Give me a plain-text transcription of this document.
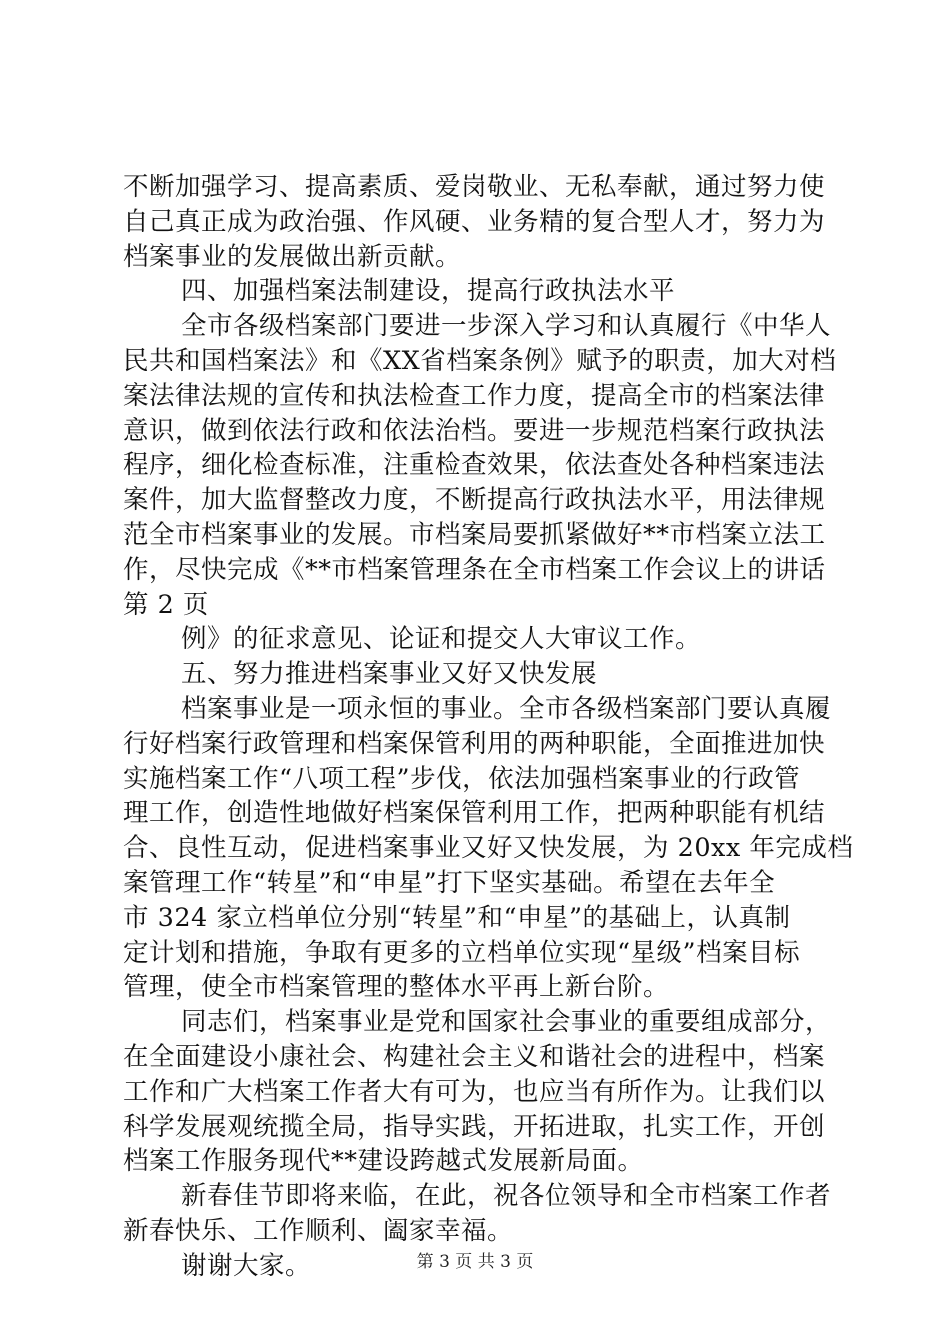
不断加强学习、提高素质、爱岗敬业、无私奉献，通过努力使
自己真正成为政治强、作风硬、业务精的复合型人才，努力为
档案事业的发展做出新贡献。
四、加强档案法制建设，提高行政执法水平
全市各级档案部门要进一步深入学习和认真履行《中华人
民共和国档案法》和《XX省档案条例》赋予的职责，加大对档
案法律法规的宣传和执法检查工作力度，提高全市的档案法律
意识，做到依法行政和依法治档。要进一步规范档案行政执法
程序，细化检查标准，注重检查效果，依法查处各种档案违法
案件，加大监督整改力度，不断提高行政执法水平，用法律规
范全市档案事业的发展。市档案局要抓紧做好**市档案立法工
作，尽快完成《**市档案管理条在全市档案工作会议上的讲话
第 2 页
例》的征求意见、论证和提交人大审议工作。
五、努力推进档案事业又好又快发展
档案事业是一项永恒的事业。全市各级档案部门要认真履
行好档案行政管理和档案保管利用的两种职能，全面推进加快
实施档案工作“八项工程”步伐，依法加强档案事业的行政管
理工作，创造性地做好档案保管利用工作，把两种职能有机结
合、良性互动，促进档案事业又好又快发展，为 20xx 年完成档
案管理工作“转星”和“申星”打下坚实基础。希望在去年全
市 324 家立档单位分别“转星”和“申星”的基础上，认真制
定计划和措施，争取有更多的立档单位实现“星级”档案目标
管理，使全市档案管理的整体水平再上新台阶。
同志们，档案事业是党和国家社会事业的重要组成部分，
在全面建设小康社会、构建社会主义和谐社会的进程中，档案
工作和广大档案工作者大有可为，也应当有所作为。让我们以
科学发展观统揽全局，指导实践，开拓进取，扎实工作，开创
档案工作服务现代**建设跨越式发展新局面。
新春佳节即将来临，在此，祝各位领导和全市档案工作者
新春快乐、工作顺利、阖家幸福。
谢谢大家。	第 3 页 共 3 页
